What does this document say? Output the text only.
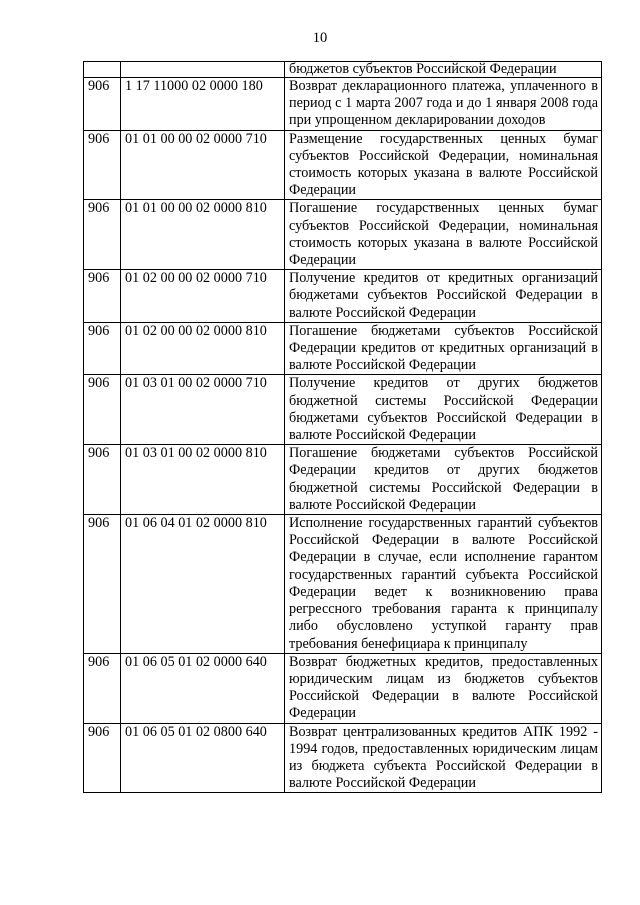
10
		бюджетов субъектов Российской Федерации
906	1 17 11000 02 0000 180	Возврат декларационного платежа, уплаченного в период с 1 марта 2007 года и до 1 января 2008 года при упрощенном декларировании доходов
906	01 01 00 00 02 0000 710	Размещение государственных ценных бумаг субъектов Российской Федерации, номинальная стоимость которых указана в валюте Российской Федерации
906	01 01 00 00 02 0000 810	Погашение государственных ценных бумаг субъектов Российской Федерации, номинальная стоимость которых указана в валюте Российской Федерации
906	01 02 00 00 02 0000 710	Получение кредитов от кредитных организаций бюджетами субъектов Российской Федерации в валюте Российской Федерации
906	01 02 00 00 02 0000 810	Погашение бюджетами субъектов Российской Федерации кредитов от кредитных организаций в валюте Российской Федерации
906	01 03 01 00 02 0000 710	Получение кредитов от других бюджетов бюджетной системы Российской Федерации бюджетами субъектов Российской Федерации в валюте Российской Федерации
906	01 03 01 00 02 0000 810	Погашение бюджетами субъектов Российской Федерации кредитов от других бюджетов бюджетной системы Российской Федерации в валюте Российской Федерации
906	01 06 04 01 02 0000 810	Исполнение государственных гарантий субъектов Российской Федерации в валюте Российской Федерации в случае, если исполнение гарантом государственных гарантий субъекта Российской Федерации ведет к возникновению права регрессного требования гаранта к принципалу либо обусловлено уступкой гаранту прав требования бенефициара к принципалу
906	01 06 05 01 02 0000 640	Возврат бюджетных кредитов, предоставленных юридическим лицам из бюджетов субъектов Российской Федерации в валюте Российской Федерации
906	01 06 05 01 02 0800 640	Возврат централизованных кредитов АПК 1992 - 1994 годов, предоставленных юридическим лицам из бюджета субъекта Российской Федерации в валюте Российской Федерации
